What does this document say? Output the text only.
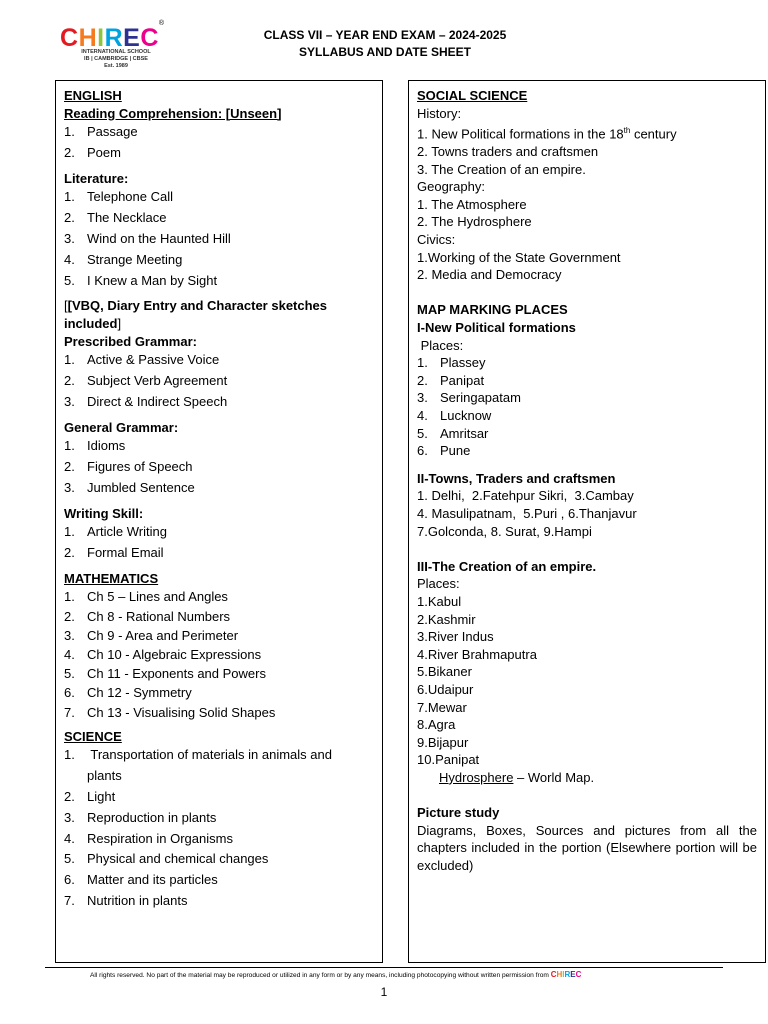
CHIREC®
INTERNATIONAL SCHOOL
IB | CAMBRIDGE | CBSE
Est. 1989
CLASS VII – YEAR END EXAM – 2024-2025
SYLLABUS AND DATE SHEET
ENGLISH
Reading Comprehension: [Unseen]
1. Passage
2. Poem
Literature:
1. Telephone Call
2. The Necklace
3. Wind on the Haunted Hill
4. Strange Meeting
5. I Knew a Man by Sight
[[VBQ, Diary Entry and Character sketches
included]
Prescribed Grammar:
1. Active & Passive Voice
2. Subject Verb Agreement
3. Direct & Indirect Speech
General Grammar:
1. Idioms
2. Figures of Speech
3. Jumbled Sentence
Writing Skill:
1. Article Writing
2. Formal Email
MATHEMATICS
1. Ch 5 – Lines and Angles
2. Ch 8 - Rational Numbers
3. Ch 9 - Area and Perimeter
4. Ch 10 - Algebraic Expressions
5. Ch 11 - Exponents and Powers
6. Ch 12 - Symmetry
7. Ch 13 - Visualising Solid Shapes
SCIENCE
1. Transportation of materials in animals and
plants
2. Light
3. Reproduction in plants
4. Respiration in Organisms
5. Physical and chemical changes
6. Matter and its particles
7. Nutrition in plants
SOCIAL SCIENCE
History:
1. New Political formations in the 18th century
2. Towns traders and craftsmen
3. The Creation of an empire.
Geography:
1. The Atmosphere
2. The Hydrosphere
Civics:
1.Working of the State Government
2. Media and Democracy

MAP MARKING PLACES
I-New Political formations
Places:
1. Plassey
2. Panipat
3. Seringapatam
4. Lucknow
5. Amritsar
6. Pune
II-Towns, Traders and craftsmen
1. Delhi,  2.Fatehpur Sikri,  3.Cambay
4. Masulipatnam,  5.Puri , 6.Thanjavur
7.Golconda, 8. Surat, 9.Hampi

III-The Creation of an empire.
Places:
1.Kabul
2.Kashmir
3.River Indus
4.River Brahmaputra
5.Bikaner
6.Udaipur
7.Mewar
8.Agra
9.Bijapur
10.Panipat
Hydrosphere – World Map.

Picture study
Diagrams, Boxes, Sources and pictures from all the chapters included in the portion (Elsewhere portion will be excluded)
All rights reserved. No part of the material may be reproduced or utilized in any form or by any means, including photocopying without written permission from CHIREC
1
